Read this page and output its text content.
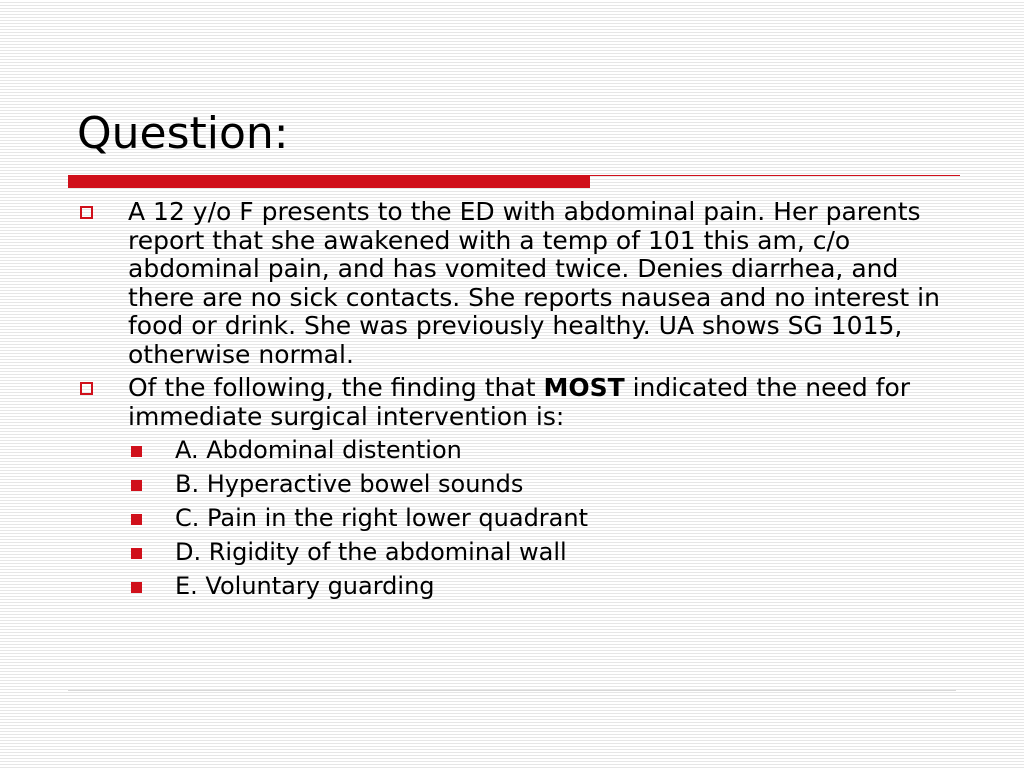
Question:
A 12 y/o F presents to the ED with abdominal pain. Her parents report that she awakened with a temp of 101 this am, c/o abdominal pain, and has vomited twice. Denies diarrhea, and there are no sick contacts. She reports nausea and no interest in food or drink. She was previously healthy. UA shows SG 1015, otherwise normal.
Of the following, the finding that MOST indicated the need for immediate surgical intervention is:
A. Abdominal distention
B. Hyperactive bowel sounds
C. Pain in the right lower quadrant
D. Rigidity of the abdominal wall
E. Voluntary guarding
